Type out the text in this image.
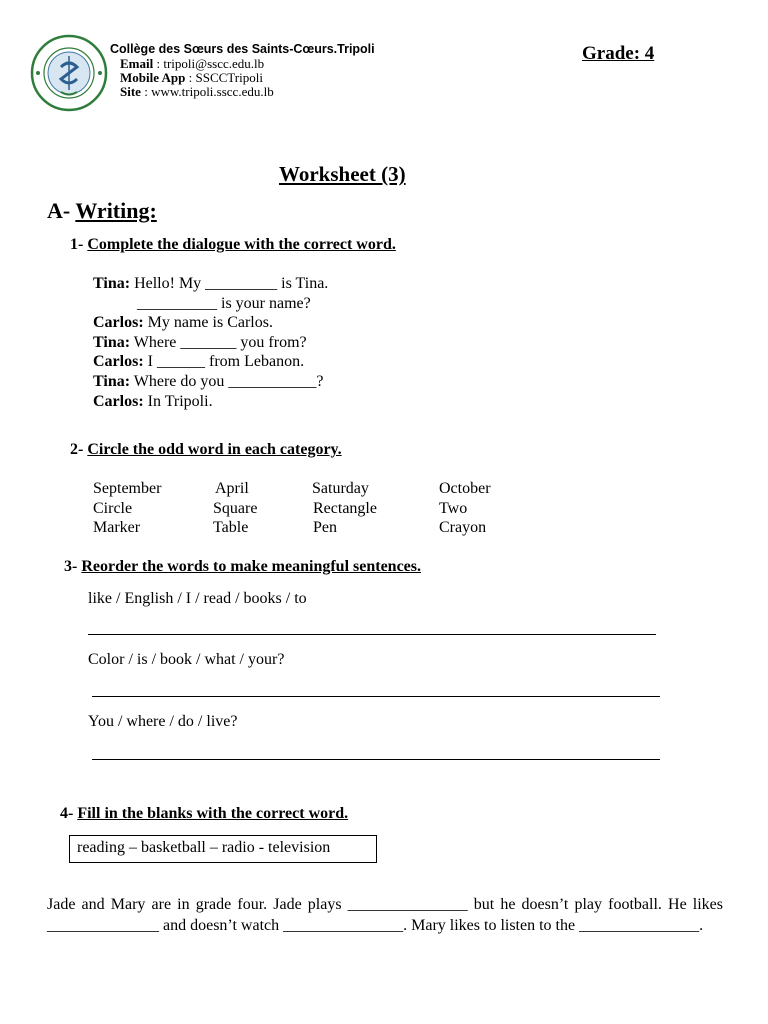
Collège des Sœurs des Saints-Cœurs.Tripoli
Email : tripoli@sscc.edu.lb
Mobile App : SSCCTripoli
Site : www.tripoli.sscc.edu.lb
Grade: 4
Worksheet (3)
A- Writing:
1- Complete the dialogue with the correct word.
Tina: Hello! My _________ is Tina.
__________ is your name?
Carlos: My name is Carlos.
Tina: Where _______ you from?
Carlos: I ______ from Lebanon.
Tina: Where do you ___________?
Carlos: In Tripoli.
2- Circle the odd word in each category.
September	April	Saturday	October
Circle	Square	Rectangle	Two
Marker	Table	Pen	Crayon
3- Reorder the words to make meaningful sentences.
like / English / I / read / books / to
Color / is / book / what / your?
You / where / do / live?
4- Fill in the blanks with the correct word.
reading – basketball – radio - television
Jade and Mary are in grade four. Jade plays _______________ but he doesn’t play football. He likes ______________ and doesn’t watch _______________. Mary likes to listen to the _______________.
